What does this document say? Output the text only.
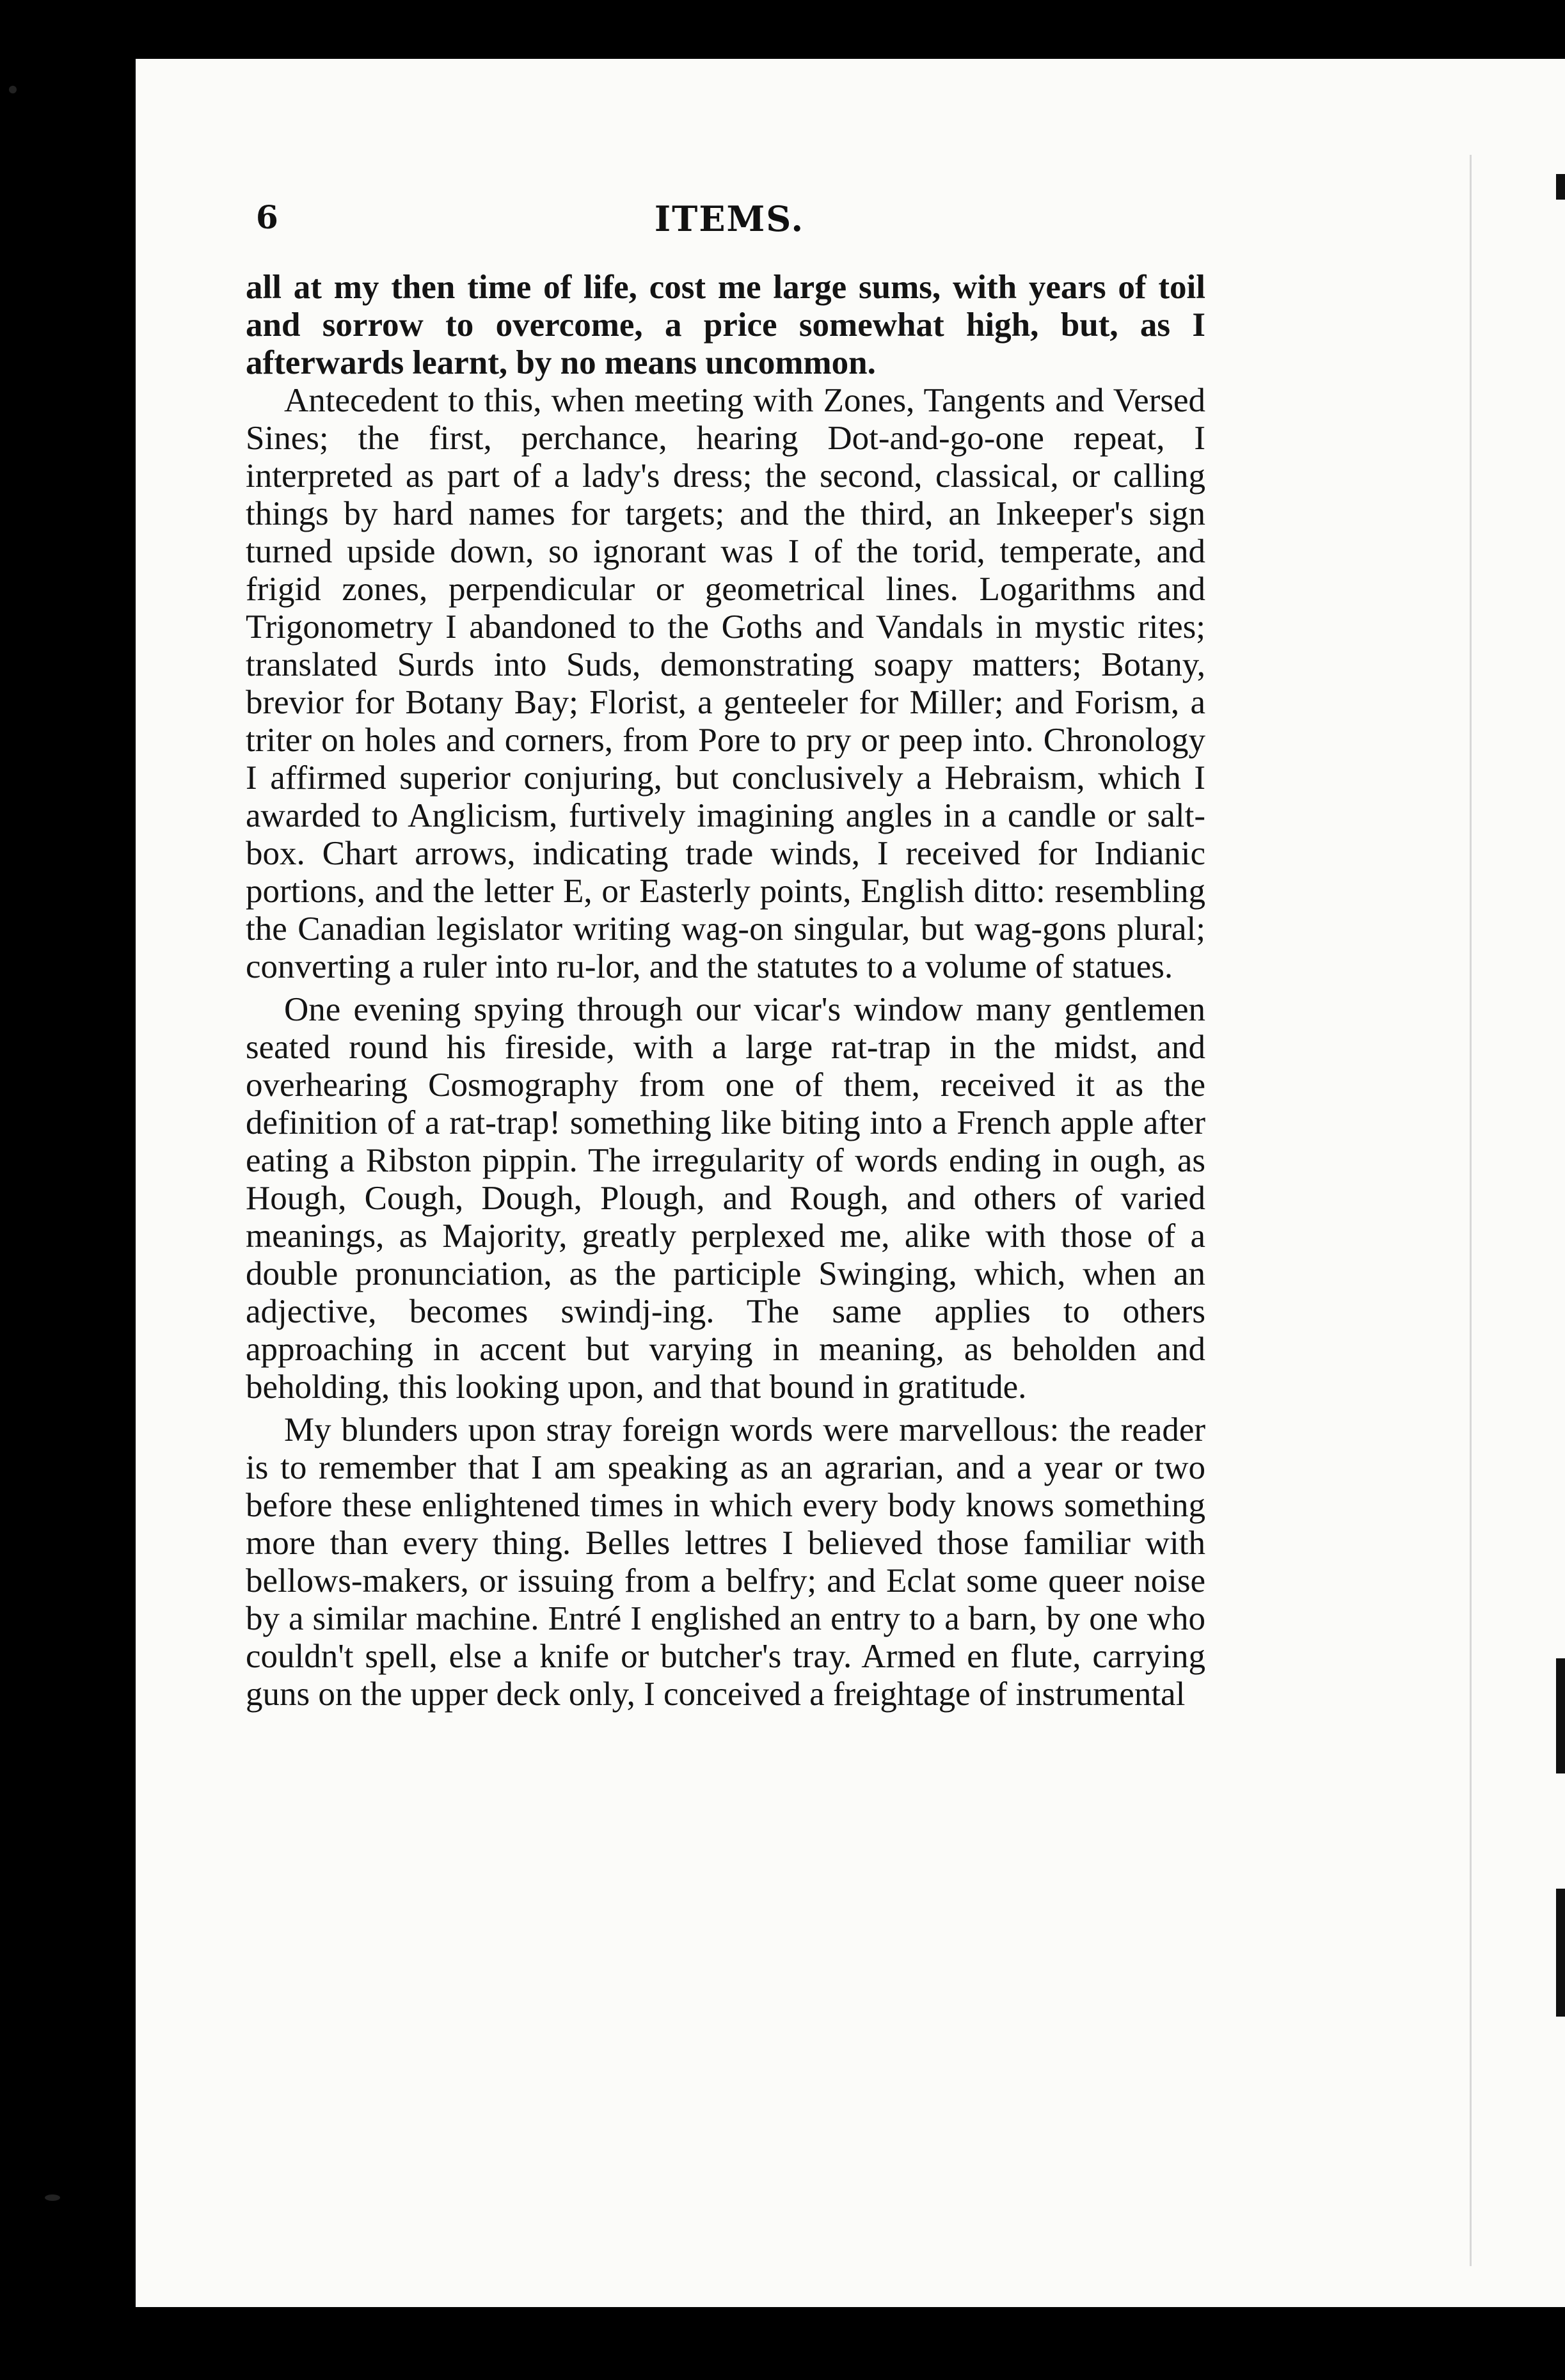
6	ITEMS.

all at my then time of life, cost me large sums, with years of toil and sorrow to overcome, a price somewhat high, but, as I afterwards learnt, by no means uncommon.

Antecedent to this, when meeting with Zones, Tangents and Versed Sines; the first, perchance, hearing Dot-and-go-one repeat, I interpreted as part of a lady's dress; the second, classical, or calling things by hard names for targets; and the third, an Inkeeper's sign turned upside down, so ignorant was I of the torid, temperate, and frigid zones, perpendicular or geometrical lines. Logarithms and Trigonometry I abandoned to the Goths and Vandals in mystic rites; translated Surds into Suds, demonstrating soapy matters; Botany, brevior for Botany Bay; Florist, a genteeler for Miller; and Forism, a triter on holes and corners, from Pore to pry or peep into. Chronology I affirmed superior conjuring, but conclusively a Hebraism, which I awarded to Anglicism, furtively imagining angles in a candle or salt-box. Chart arrows, indicating trade winds, I received for Indianic portions, and the letter E, or Easterly points, English ditto: resembling the Canadian legislator writing wag-on singular, but wag-gons plural; converting a ruler into ru-lor, and the statutes to a volume of statues.

One evening spying through our vicar's window many gentlemen seated round his fireside, with a large rat-trap in the midst, and overhearing Cosmography from one of them, received it as the definition of a rat-trap! something like biting into a French apple after eating a Ribston pippin. The irregularity of words ending in ough, as Hough, Cough, Dough, Plough, and Rough, and others of varied meanings, as Majority, greatly perplexed me, alike with those of a double pronunciation, as the participle Swinging, which, when an adjective, becomes swindj-ing. The same applies to others approaching in accent but varying in meaning, as beholden and beholding, this looking upon, and that bound in gratitude.

My blunders upon stray foreign words were marvellous: the reader is to remember that I am speaking as an agrarian, and a year or two before these enlightened times in which every body knows something more than every thing. Belles lettres I believed those familiar with bellows-makers, or issuing from a belfry; and Eclat some queer noise by a similar machine. Entré I englished an entry to a barn, by one who couldn't spell, else a knife or butcher's tray. Armed en flute, carrying guns on the upper deck only, I conceived a freightage of instrumental
